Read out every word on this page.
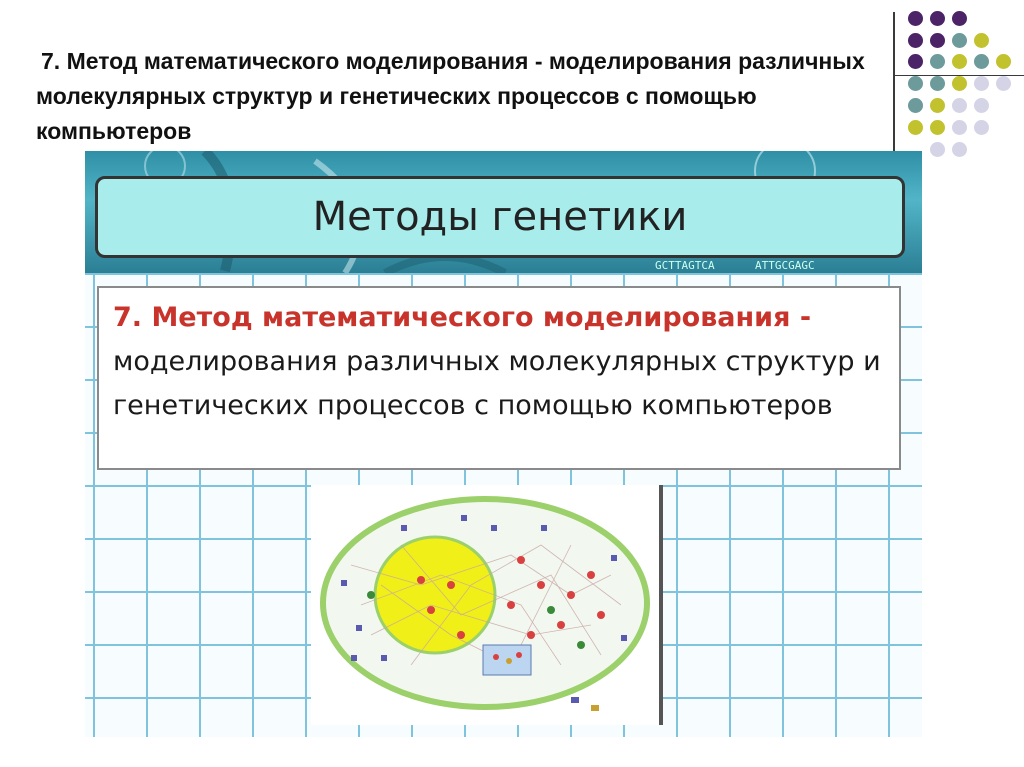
7. Метод математического моделирования - моделирования различных молекулярных структур и генетических процессов с помощью компьютеров
Методы генетики
GCTTAGTCA	ATTGCGAGC
7. Метод математического моделирования -
моделирования различных молекулярных структур и генетических процессов с помощью компьютеров
